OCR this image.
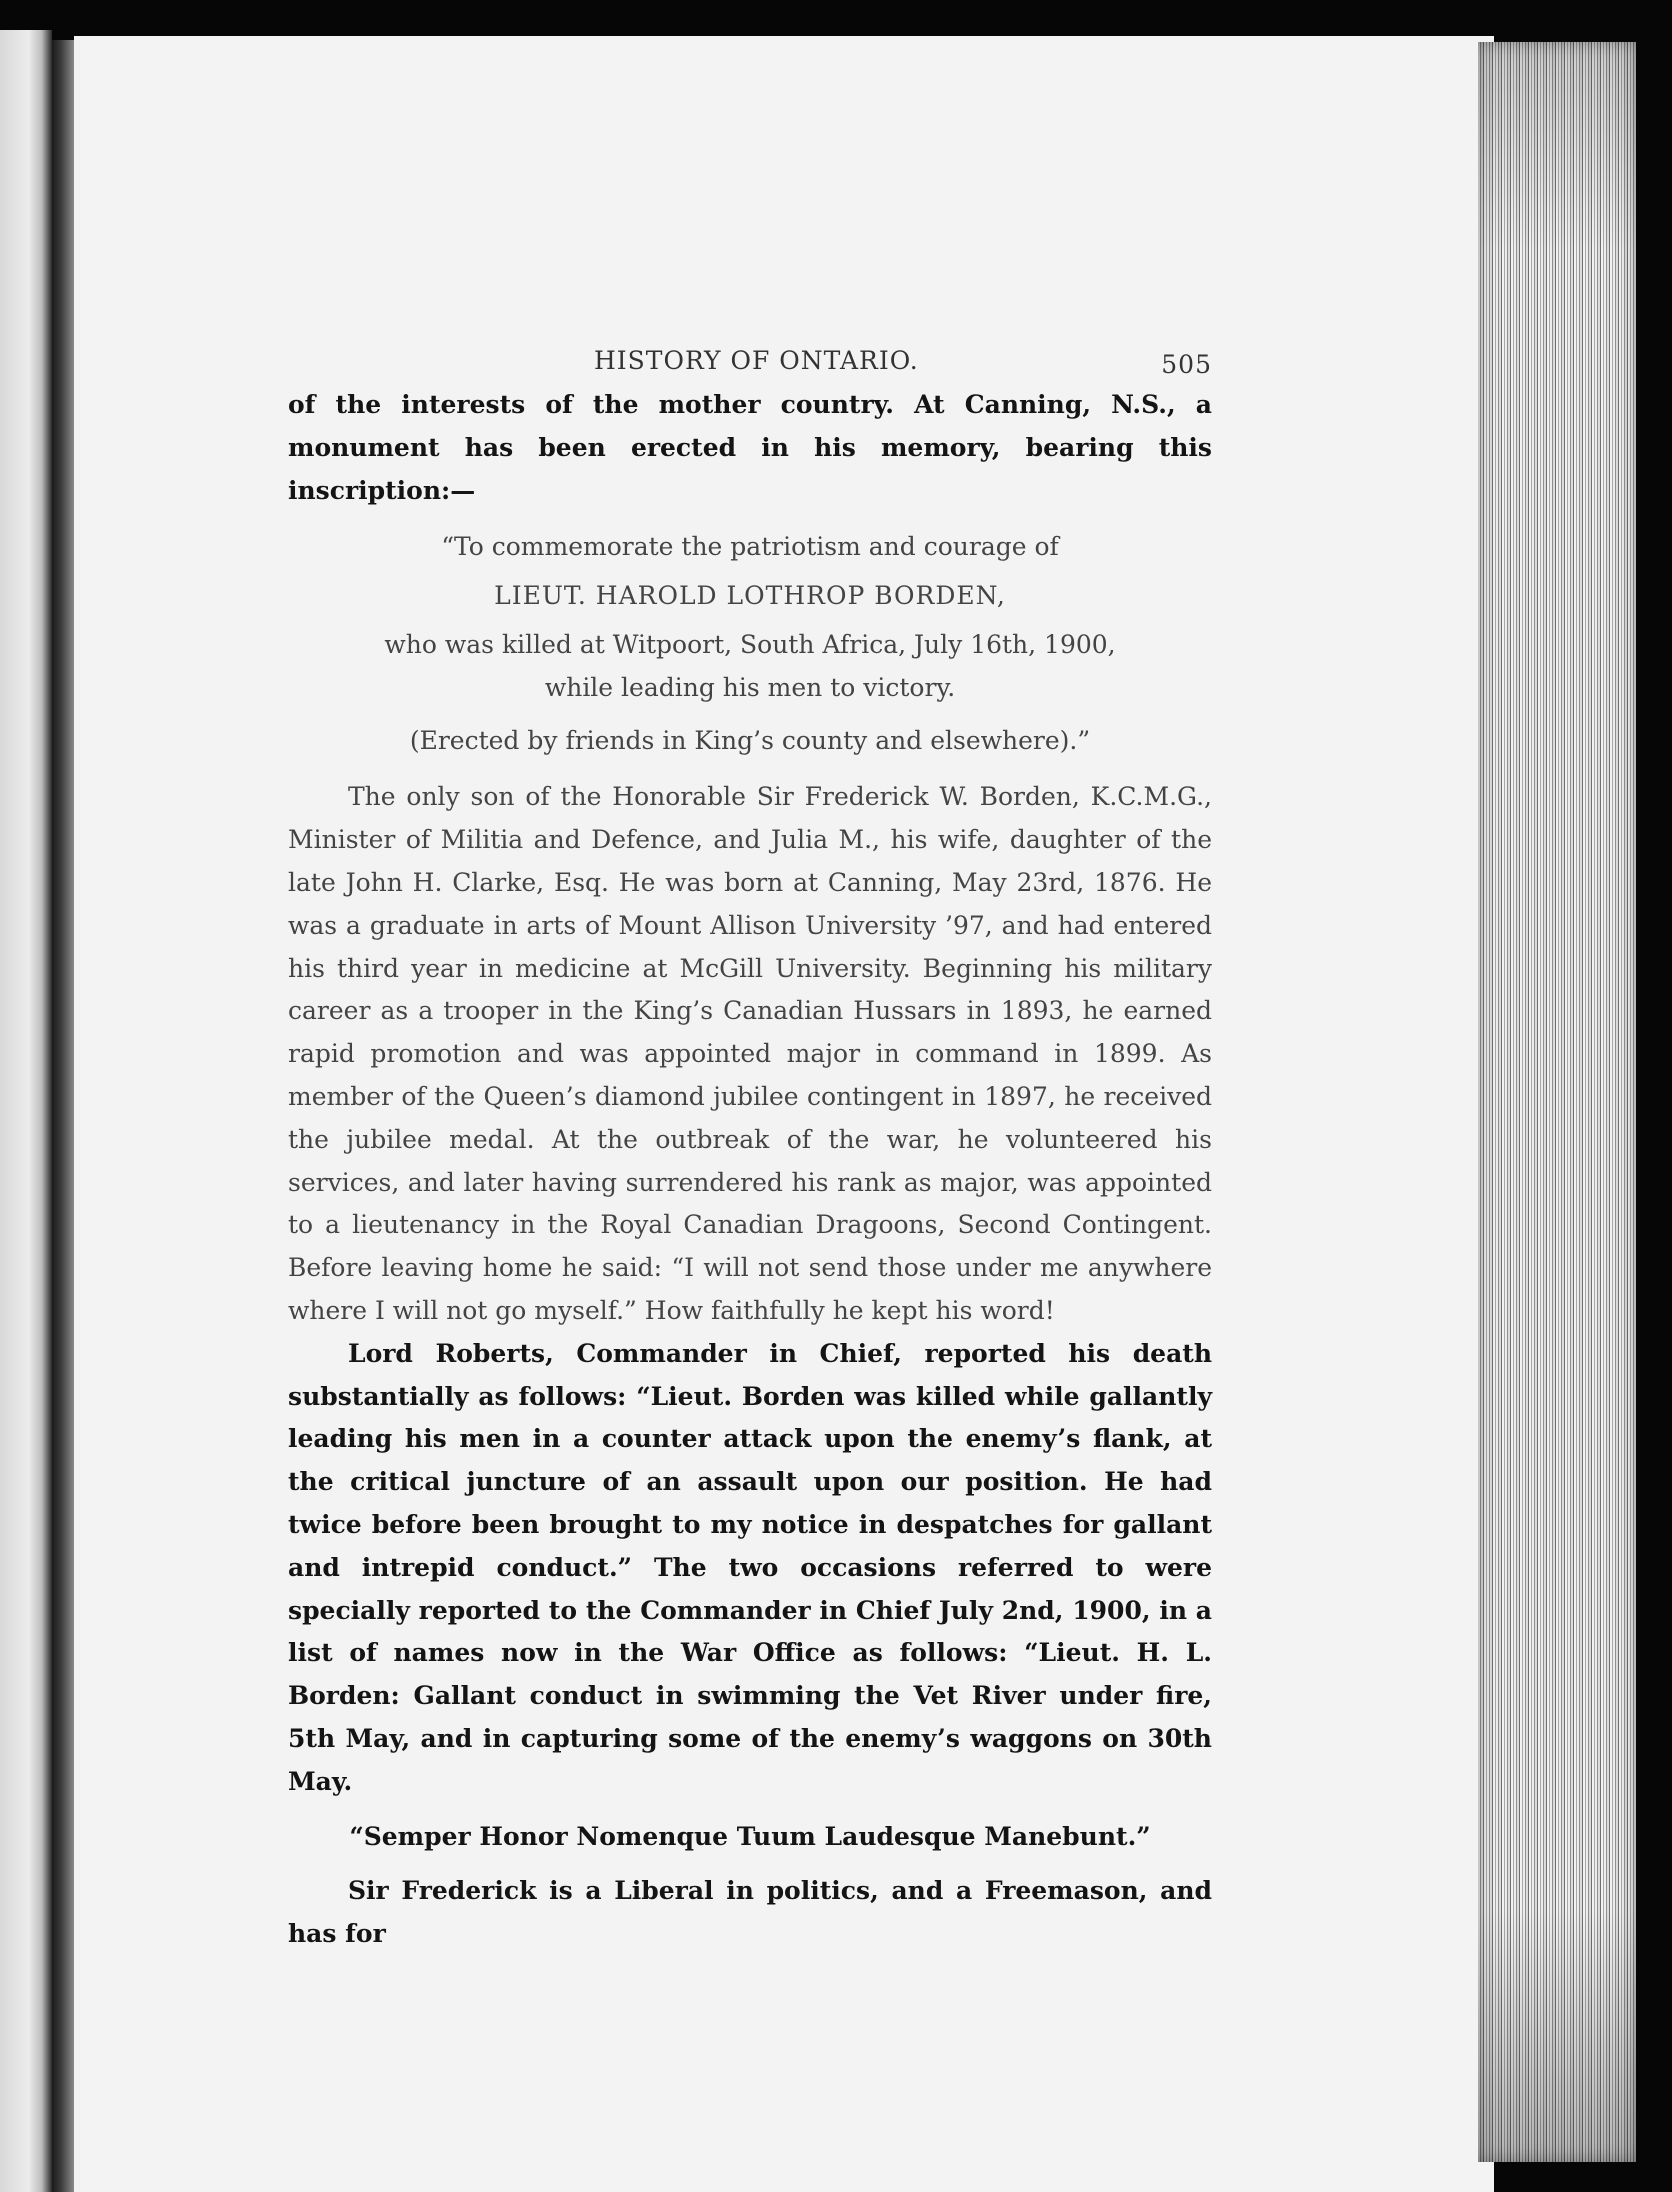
HISTORY OF ONTARIO.	505

of the interests of the mother country. At Canning, N.S., a monument has been erected in his memory, bearing this inscription:—

“To commemorate the patriotism and courage of

LIEUT. HAROLD LOTHROP BORDEN,

who was killed at Witpoort, South Africa, July 16th, 1900,

while leading his men to victory.

(Erected by friends in King’s county and elsewhere).”

The only son of the Honorable Sir Frederick W. Borden, K.C.M.G., Minister of Militia and Defence, and Julia M., his wife, daughter of the late John H. Clarke, Esq. He was born at Canning, May 23rd, 1876. He was a graduate in arts of Mount Allison University ’97, and had entered his third year in medicine at McGill University. Beginning his military career as a trooper in the King’s Canadian Hussars in 1893, he earned rapid promotion and was appointed major in command in 1899. As member of the Queen’s diamond jubilee contingent in 1897, he received the jubilee medal. At the outbreak of the war, he volunteered his services, and later having surrendered his rank as major, was appointed to a lieutenancy in the Royal Canadian Dragoons, Second Contingent. Before leaving home he said: “I will not send those under me anywhere where I will not go myself.” How faithfully he kept his word!

Lord Roberts, Commander in Chief, reported his death substantially as follows: “Lieut. Borden was killed while gallantly leading his men in a counter attack upon the enemy’s flank, at the critical juncture of an assault upon our position. He had twice before been brought to my notice in despatches for gallant and intrepid conduct.” The two occasions referred to were specially reported to the Commander in Chief July 2nd, 1900, in a list of names now in the War Office as follows: “Lieut. H. L. Borden: Gallant conduct in swimming the Vet River under fire, 5th May, and in capturing some of the enemy’s waggons on 30th May.

“Semper Honor Nomenque Tuum Laudesque Manebunt.”

Sir Frederick is a Liberal in politics, and a Freemason, and has for
